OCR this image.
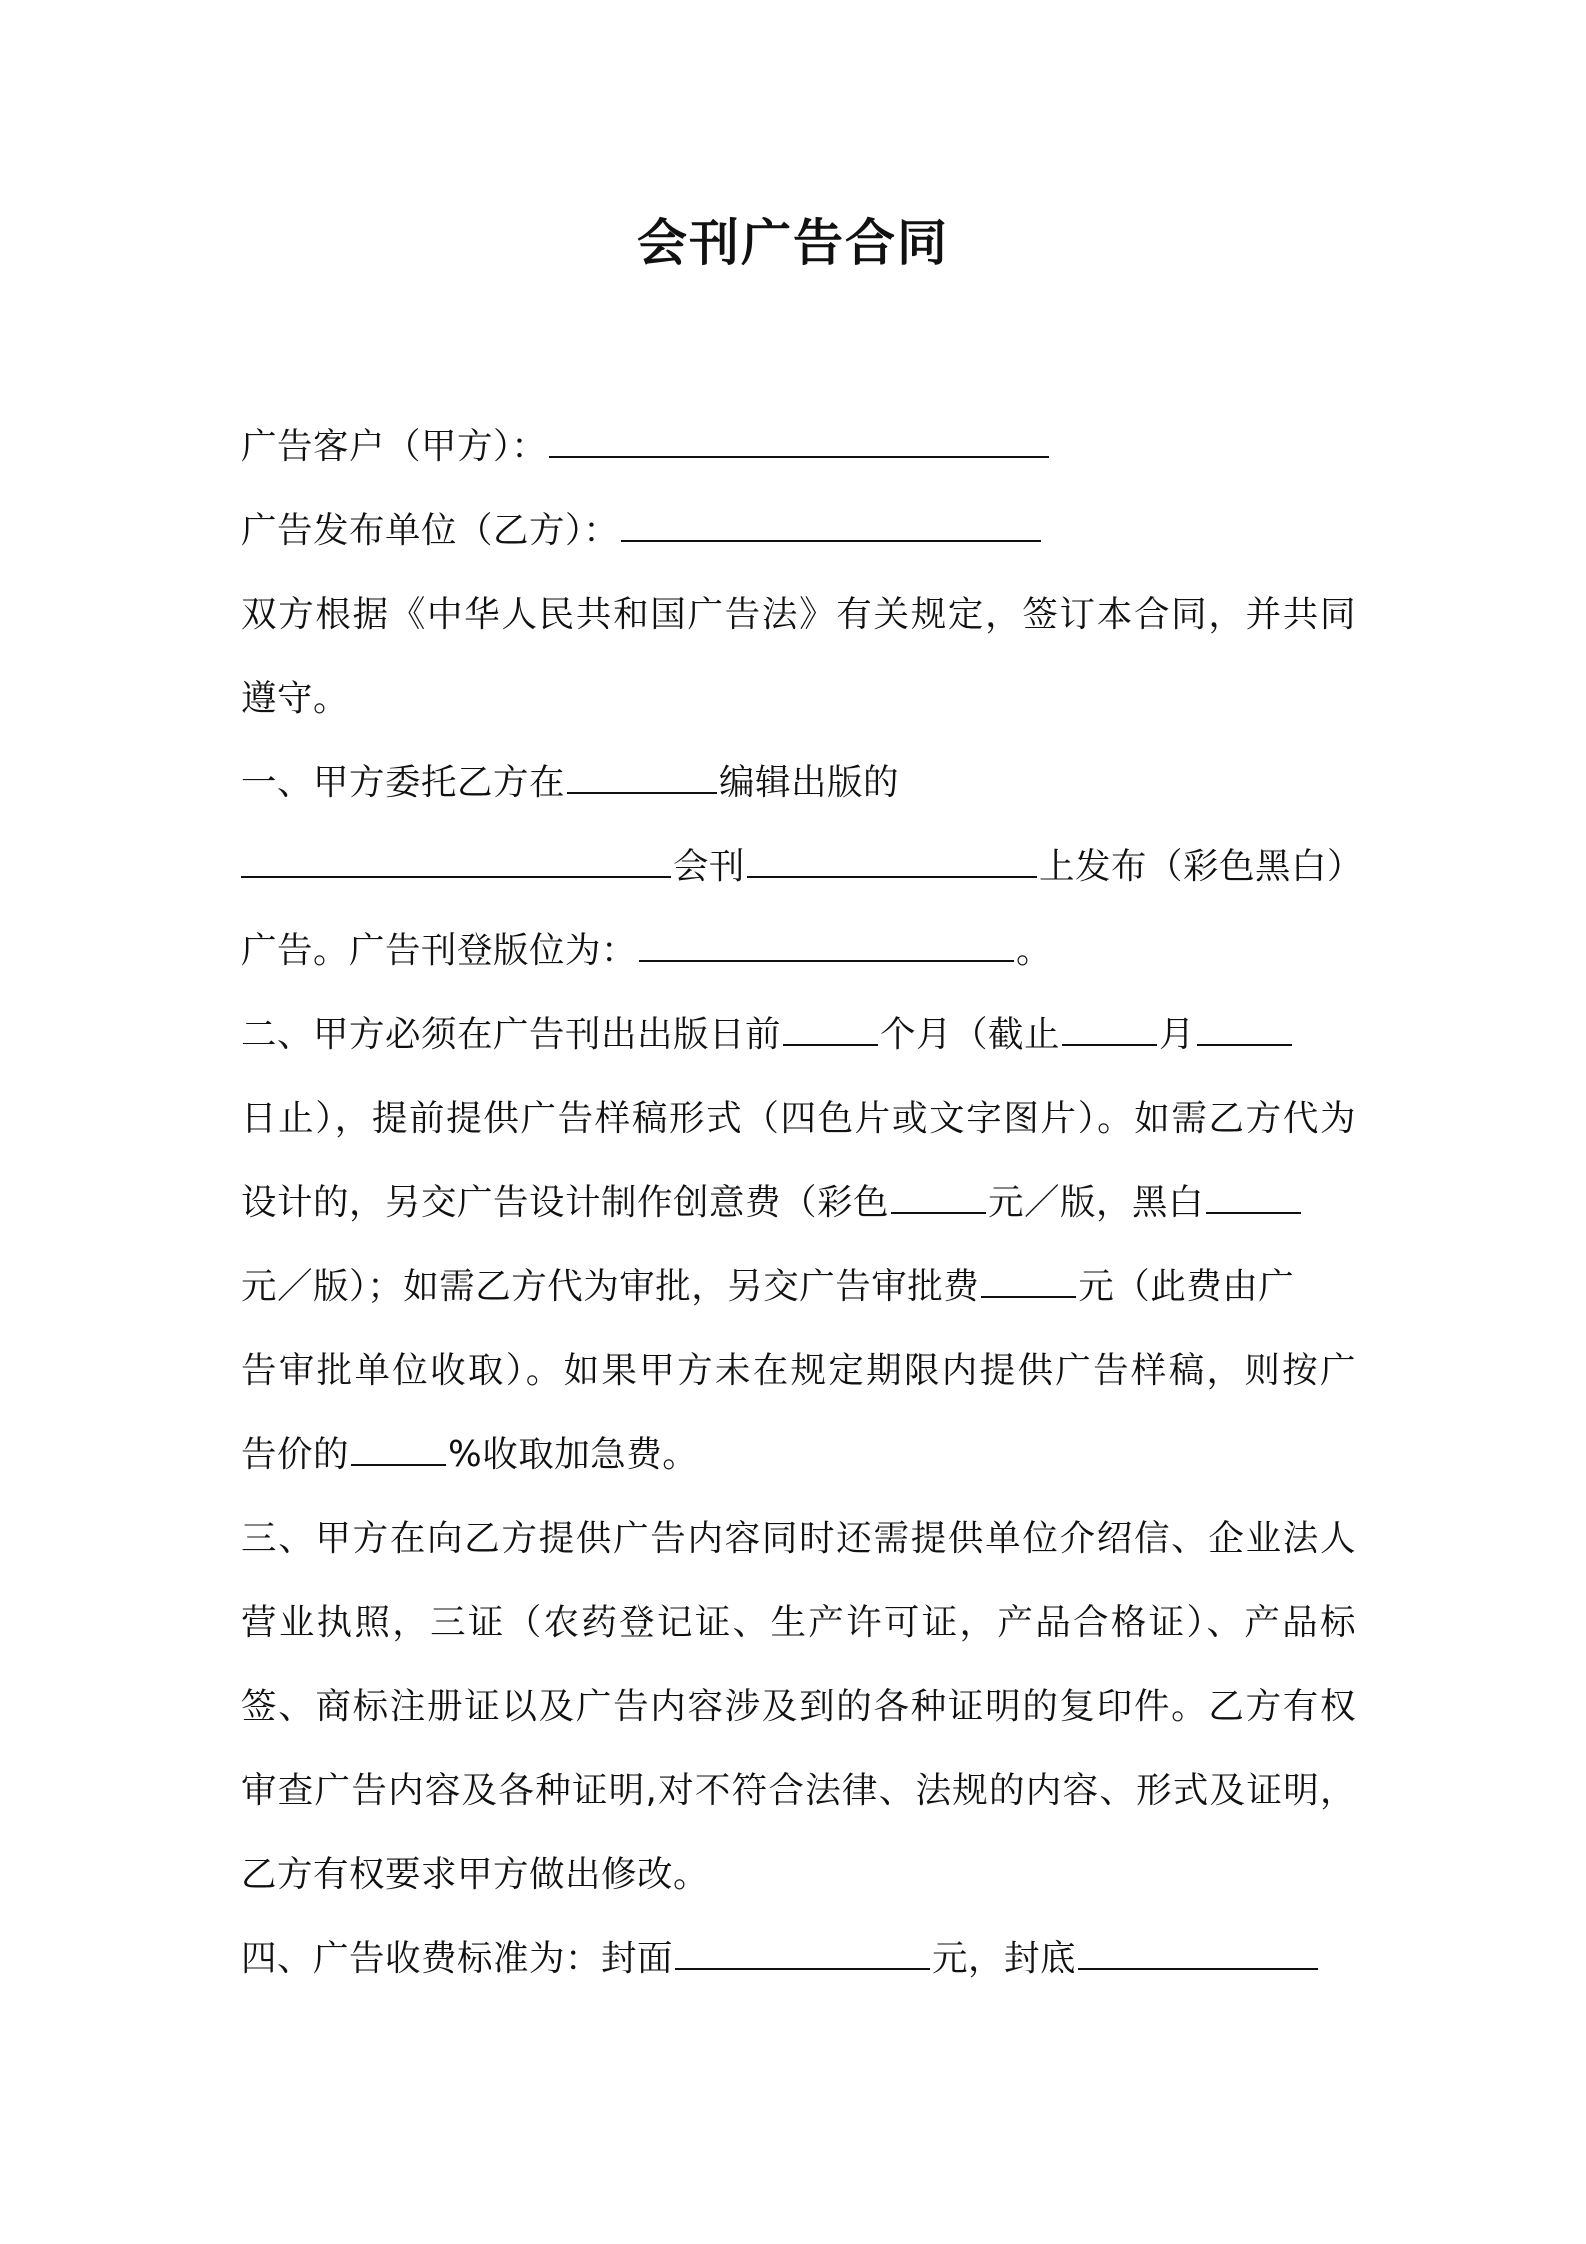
会刊广告合同
广告客户（甲方）：
广告发布单位（乙方）：
双方根据《中华人民共和国广告法》有关规定，签订本合同，并共同
遵守。
一、甲方委托乙方在	编辑出版的
会刊	上发布（彩色黑白）
广告。广告刊登版位为：	。
二、甲方必须在广告刊出出版日前	个月（截止	月
日止），提前提供广告样稿形式（四色片或文字图片）。如需乙方代为
设计的，另交广告设计制作创意费（彩色	元／版，黑白
元／版）；如需乙方代为审批，另交广告审批费	元（此费由广
告审批单位收取）。如果甲方未在规定期限内提供广告样稿，则按广
告价的	%收取加急费。
三、甲方在向乙方提供广告内容同时还需提供单位介绍信、企业法人
营业执照，三证（农药登记证、生产许可证，产品合格证）、产品标
签、商标注册证以及广告内容涉及到的各种证明的复印件。乙方有权
审查广告内容及各种证明,对不符合法律、法规的内容、形式及证明，
乙方有权要求甲方做出修改。
四、广告收费标准为：封面	元，封底
